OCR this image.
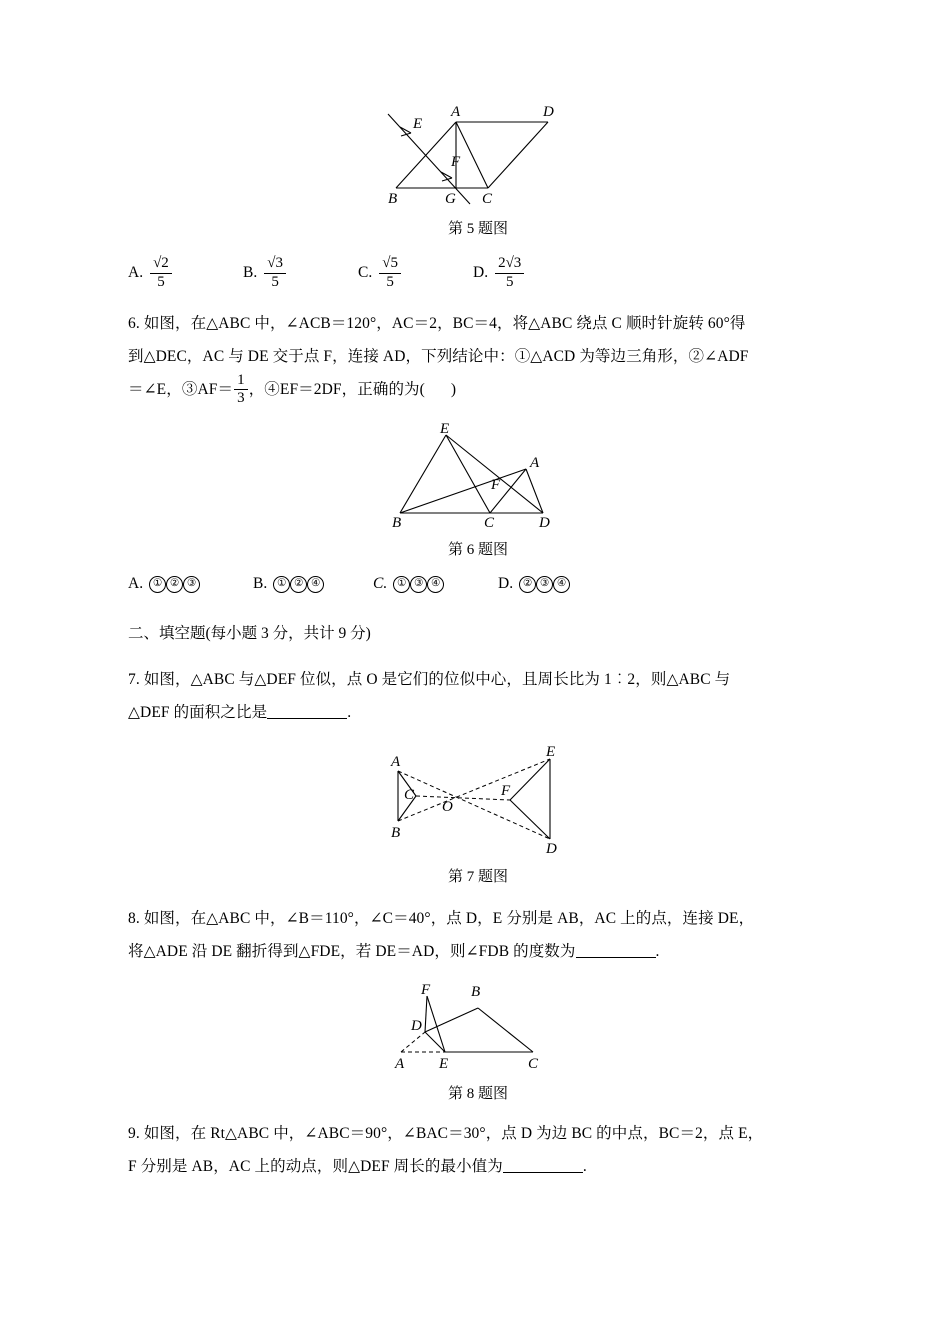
E
A	D
F
B	G C
第 5 题图
A. $\frac{√2}{5}$	B. $\frac{√3}{5}$	C. $\frac{√5}{5}$	D. $\frac{2√3}{5}$
6. 如图，在△ABC 中，∠ACB＝120°，AC＝2，BC＝4，将△ABC 绕点 C 顺时针旋转 60°得
到△DEC，AC 与 DE 交于点 F，连接 AD，下列结论中：①△ACD 为等边三角形，②∠ADF
＝∠E，③AF＝ $\frac{1}{3}$ ，④EF＝2DF，正确的为( )
E
A
F
B	C	D
第 6 题图
A. ① ② ③	B. ① ② ④	C. ① ③ ④	D. ② ③ ④
二、填空题(每小题 3 分，共计 9 分)
7. 如图，△ABC 与△DEF 位似，点 O 是它们的位似中心，且周长比为 1︰2，则△ABC 与
△DEF 的面积之比是	.
A
E
C
O
F
B
D
第 7 题图
8. 如图，在△ABC 中，∠B＝110°，∠C＝40°，点 D，E 分别是 AB，AC 上的点，连接 DE，
将△ADE 沿 DE 翻折得到△FDE，若 DE＝AD，则∠FDB 的度数为	.
F	B
D
A E	C
第 8 题图
9. 如图，在 Rt△ABC 中，∠ABC＝90°，∠BAC＝30°，点 D 为边 BC 的中点，BC＝2，点 E，
F 分别是 AB，AC 上的动点，则△DEF 周长的最小值为	.
